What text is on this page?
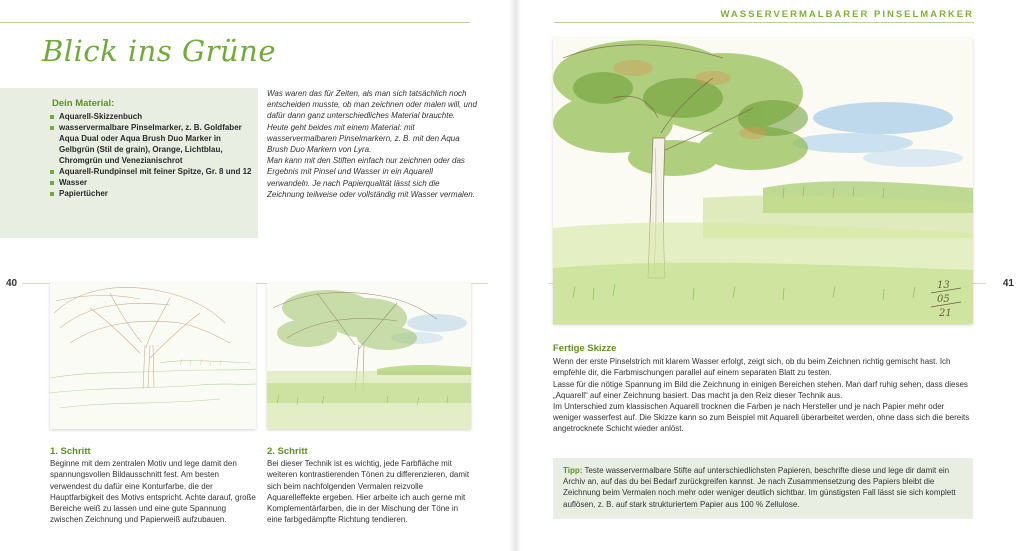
WASSERVERMALBARER PINSELMARKER
Blick ins Grüne
Dein Material:
Aquarell-Skizzenbuch
wasservermalbare Pinselmarker, z. B. Goldfaber Aqua Dual oder Aqua Brush Duo Marker in Gelbgrün (Stil de grain), Orange, Lichtblau, Chromgrün und Venezianischrot
Aquarell-Rundpinsel mit feiner Spitze, Gr. 8 und 12
Wasser
Papiertücher

Was waren das für Zeiten, als man sich tatsächlich noch entscheiden musste, ob man zeichnen oder malen will, und dafür dann ganz unterschiedliches Material brauchte. Heute geht beides mit einem Material: mit wasservermalbaren Pinselmarkern, z. B. mit den Aqua Brush Duo Markern von Lyra.

Man kann mit den Stiften einfach nur zeichnen oder das Ergebnis mit Pinsel und Wasser in ein Aquarell verwandeln. Je nach Papierqualität lässt sich die Zeichnung teilweise oder vollständig mit Wasser vermalen.

40	41
13
05
21
1. Schritt

Beginne mit dem zentralen Motiv und lege damit den spannungsvollen Bildausschnitt fest. Am besten verwendest du dafür eine Konturfarbe, die der Hauptfarbigkeit des Motivs entspricht. Achte darauf, große Bereiche weiß zu lassen und eine gute Spannung zwischen Zeichnung und Papierweiß aufzubauen.

2. Schritt

Bei dieser Technik ist es wichtig, jede Farbfläche mit weiteren kontrastierenden Tönen zu differenzieren, damit sich beim nachfolgenden Vermalen reizvolle Aquarelleffekte ergeben. Hier arbeite ich auch gerne mit Komplementärfarben, die in der Mischung der Töne in eine farbgedämpfte Richtung tendieren.

Fertige Skizze

Wenn der erste Pinselstrich mit klarem Wasser erfolgt, zeigt sich, ob du beim Zeichnen richtig gemischt hast. Ich empfehle dir, die Farbmischungen parallel auf einem separaten Blatt zu testen.

Lasse für die nötige Spannung im Bild die Zeichnung in einigen Bereichen stehen. Man darf ruhig sehen, dass dieses „Aquarell“ auf einer Zeichnung basiert. Das macht ja den Reiz dieser Technik aus.

Im Unterschied zum klassischen Aquarell trocknen die Farben je nach Hersteller und je nach Papier mehr oder weniger wasserfest auf. Die Skizze kann so zum Beispiel mit Aquarell überarbeitet werden, ohne dass sich die bereits angetrocknete Schicht wieder anlöst.

Tipp: Teste wasservermalbare Stifte auf unterschiedlichsten Papieren, beschrifte diese und lege dir damit ein Archiv an, auf das du bei Bedarf zurückgreifen kannst. Je nach Zusammensetzung des Papiers bleibt die Zeichnung beim Vermalen noch mehr oder weniger deutlich sichtbar. Im günstigsten Fall lässt sie sich komplett auflösen, z. B. auf stark strukturiertem Papier aus 100 % Zellulose.
